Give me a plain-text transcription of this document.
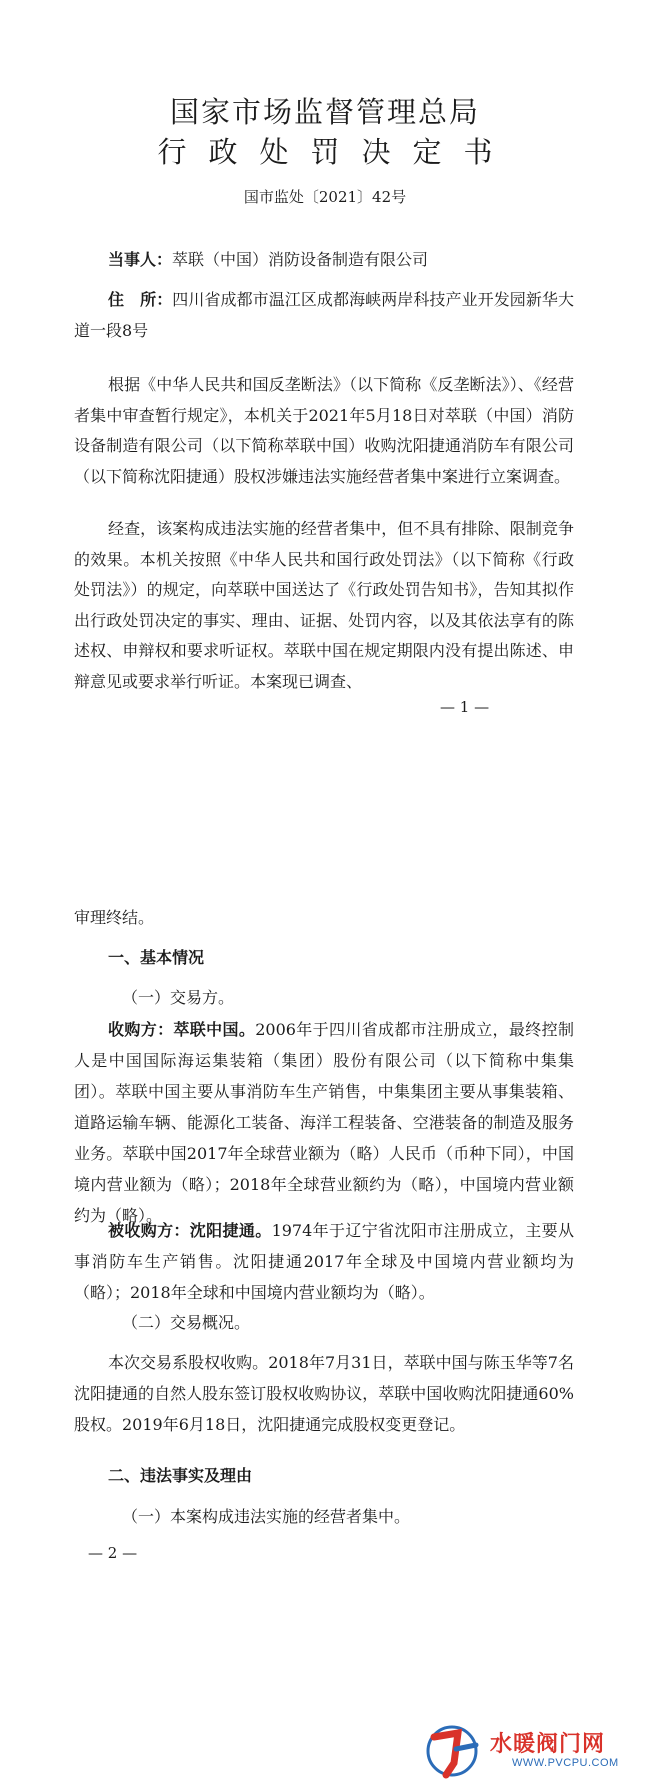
国家市场监督管理总局
行政处罚决定书
国市监处〔2021〕42号
当事人：萃联（中国）消防设备制造有限公司
住　所：四川省成都市温江区成都海峡两岸科技产业开发园新华大道一段8号
根据《中华人民共和国反垄断法》（以下简称《反垄断法》）、《经营者集中审查暂行规定》，本机关于2021年5月18日对萃联（中国）消防设备制造有限公司（以下简称萃联中国）收购沈阳捷通消防车有限公司（以下简称沈阳捷通）股权涉嫌违法实施经营者集中案进行立案调查。
经查，该案构成违法实施的经营者集中，但不具有排除、限制竞争的效果。本机关按照《中华人民共和国行政处罚法》（以下简称《行政处罚法》）的规定，向萃联中国送达了《行政处罚告知书》，告知其拟作出行政处罚决定的事实、理由、证据、处罚内容，以及其依法享有的陈述权、申辩权和要求听证权。萃联中国在规定期限内没有提出陈述、申辩意见或要求举行听证。本案现已调查、
— 1 —
审理终结。
一、基本情况
（一）交易方。
收购方：萃联中国。2006年于四川省成都市注册成立，最终控制人是中国国际海运集装箱（集团）股份有限公司（以下简称中集集团）。萃联中国主要从事消防车生产销售，中集集团主要从事集装箱、道路运输车辆、能源化工装备、海洋工程装备、空港装备的制造及服务业务。萃联中国2017年全球营业额为（略）人民币（币种下同），中国境内营业额为（略）；2018年全球营业额约为（略），中国境内营业额约为（略）。
被收购方：沈阳捷通。1974年于辽宁省沈阳市注册成立，主要从事消防车生产销售。沈阳捷通2017年全球及中国境内营业额均为（略）；2018年全球和中国境内营业额均为（略）。
（二）交易概况。
本次交易系股权收购。2018年7月31日，萃联中国与陈玉华等7名沈阳捷通的自然人股东签订股权收购协议，萃联中国收购沈阳捷通60%股权。2019年6月18日，沈阳捷通完成股权变更登记。
二、违法事实及理由
（一）本案构成违法实施的经营者集中。
— 2 —
水暖阀门网
WWW.PVCPU.COM
